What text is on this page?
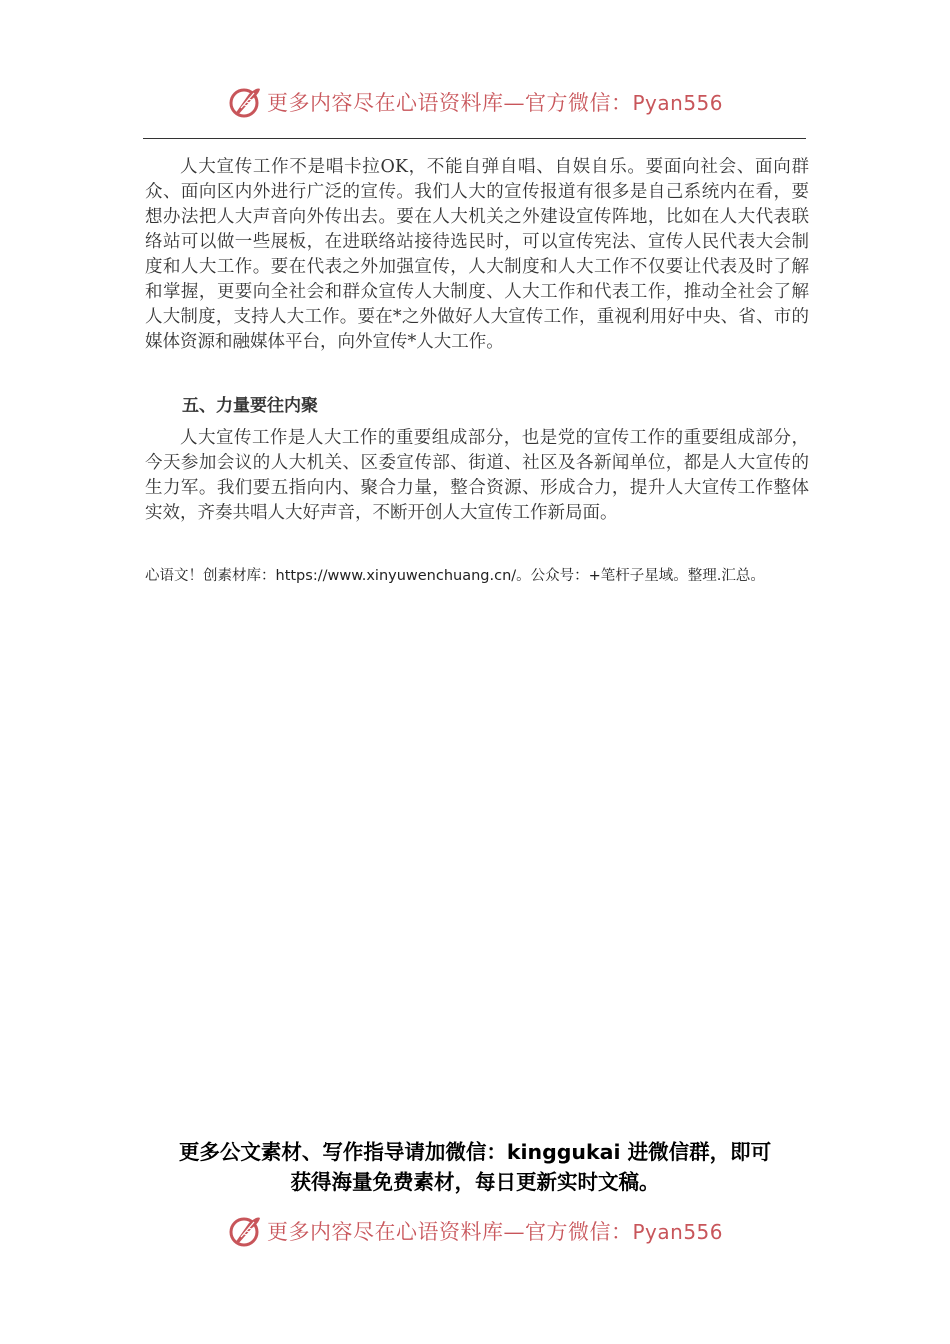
更多内容尽在心语资料库—官方微信：Pyan556

人大宣传工作不是唱卡拉OK，不能自弹自唱、自娱自乐。要面向社会、面向群众、面向区内外进行广泛的宣传。我们人大的宣传报道有很多是自己系统内在看，要想办法把人大声音向外传出去。要在人大机关之外建设宣传阵地，比如在人大代表联络站可以做一些展板，在进联络站接待选民时，可以宣传宪法、宣传人民代表大会制度和人大工作。要在代表之外加强宣传，人大制度和人大工作不仅要让代表及时了解和掌握，更要向全社会和群众宣传人大制度、人大工作和代表工作，推动全社会了解人大制度，支持人大工作。要在*之外做好人大宣传工作，重视利用好中央、省、市的媒体资源和融媒体平台，向外宣传*人大工作。

五、力量要往内聚

人大宣传工作是人大工作的重要组成部分，也是党的宣传工作的重要组成部分，今天参加会议的人大机关、区委宣传部、街道、社区及各新闻单位，都是人大宣传的生力军。我们要五指向内、聚合力量，整合资源、形成合力，提升人大宣传工作整体实效，齐奏共唱人大好声音，不断开创人大宣传工作新局面。

心语文！创素材库：https://www.xinyuwenchuang.cn/。公众号：+笔杆子星域。整理.汇总。
更多公文素材、写作指导请加微信：kinggukai 进微信群，即可
获得海量免费素材，每日更新实时文稿。
更多内容尽在心语资料库—官方微信：Pyan556
